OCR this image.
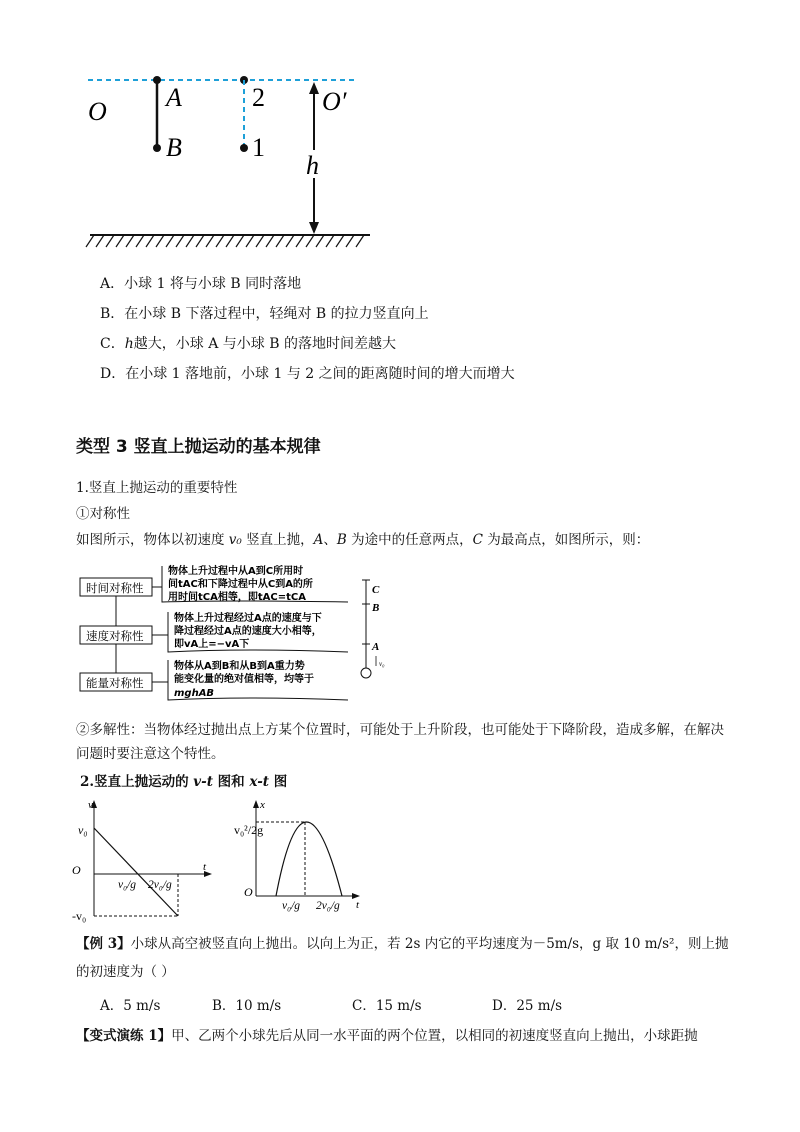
O A
B
2
1
O′
h
A．小球 1 将与小球 B 同时落地
B．在小球 B 下落过程中，轻绳对 B 的拉力竖直向上
C．h越大，小球 A 与小球 B 的落地时间差越大
D．在小球 1 落地前，小球 1 与 2 之间的距离随时间的增大而增大
类型 3 竖直上抛运动的基本规律
1.竖直上抛运动的重要特性
①对称性
如图所示，物体以初速度 v₀ 竖直上抛，A、B 为途中的任意两点，C 为最高点，如图所示，则：
时间对称性
速度对称性
能量对称性
物体上升过程中从A到C所用时
间tAC和下降过程中从C到A的所
用时间tCA相等，即tAC=tCA
物体上升过程经过A点的速度与下
降过程经过A点的速度大小相等，
即vA上=−vA下
物体从A到B和从B到A重力势
能变化量的绝对值相等，均等于
mghAB
C
B
A
v₀
②多解性：当物体经过抛出点上方某个位置时，可能处于上升阶段，也可能处于下降阶段，造成多解，在解决问题时要注意这个特性。
2.竖直上抛运动的 v-t 图和 x-t 图
v
v₀
O
-v₀
v₀/g 2v₀/g
t
x
v₀²/2g
O
v₀/g 2v₀/g t
【例 3】小球从高空被竖直向上抛出。以向上为正，若 2s 内它的平均速度为－5m/s，g 取 10 m/s²，则上抛
的初速度为（ ）
A．5 m/s	B．10 m/s	C．15 m/s	D．25 m/s
【变式演练 1】甲、乙两个小球先后从同一水平面的两个位置，以相同的初速度竖直向上抛出，小球距抛
